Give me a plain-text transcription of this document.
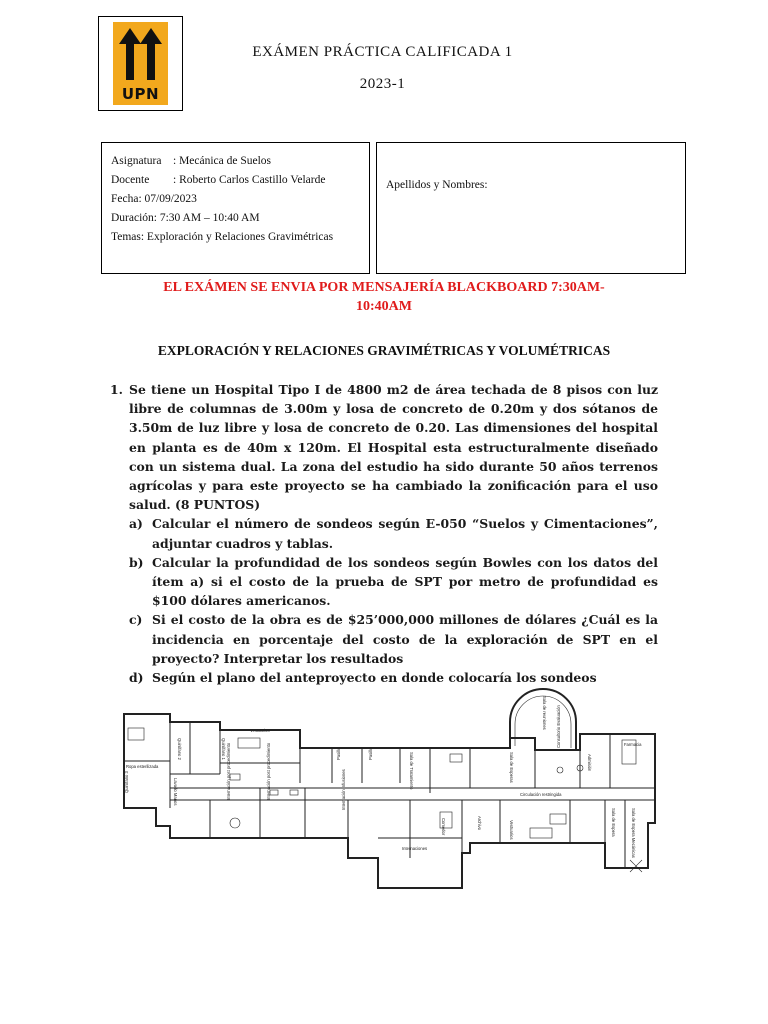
UPN
EXÁMEN PRÁCTICA CALIFICADA 1
2023-1
Asignatura : Mecánica de Suelos
Docente : Roberto Carlos Castillo Velarde
Fecha: 07/09/2023
Duración: 7:30 AM – 10:40 AM
Temas: Exploración y Relaciones Gravimétricas
Apellidos y Nombres:
EL EXÁMEN SE ENVIA POR MENSAJERÍA BLACKBOARD 7:30AM-
10:40AM
EXPLORACIÓN Y RELACIONES GRAVIMÉTRICAS Y VOLUMÉTRICAS
1. Se tiene un Hospital Tipo I de 4800 m2 de área techada de 8 pisos con luz libre de columnas de 3.00m y losa de concreto de 0.20m y dos sótanos de 3.50m de luz libre y losa de concreto de 0.20. Las dimensiones del hospital en planta es de 40m x 120m. El Hospital esta estructuralmente diseñado con un sistema dual. La zona del estudio ha sido durante 50 años terrenos agrícolas y para este proyecto se ha cambiado la zonificación para el uso salud. (8 PUNTOS)
a) Calcular el número de sondeos según E-050 “Suelos y Cimentaciones”, adjuntar cuadros y tablas.
b) Calcular la profundidad de los sondeos según Bowles con los datos del ítem a) si el costo de la prueba de SPT por metro de profundidad es $100 dólares americanos.
c) Si el costo de la obra es de $25’000,000 millones de dólares ¿Cuál es la incidencia en porcentaje del costo de la exploración de SPT en el proyecto? Interpretar los resultados
d) Según el plano del anteproyecto en donde colocaría los sondeos
Vestuarios
Quirófano 2	Quirófano 1
Ropa esterilizada
Lavado Manos
Quirófano 3
Pasillo	Pasillo	Sala de Tratamiento	Sala de Esperas
Sala de reuniones Consultorio Evaluación
Admisión
Farmacia
Internación post procedimiento	Internación post procedimiento	Internación infusiones	Circulación restringida
Comedor	Archivo
Internaciones
Vestuarios	Sala de Espera	Sala de Espera Mecánicas
